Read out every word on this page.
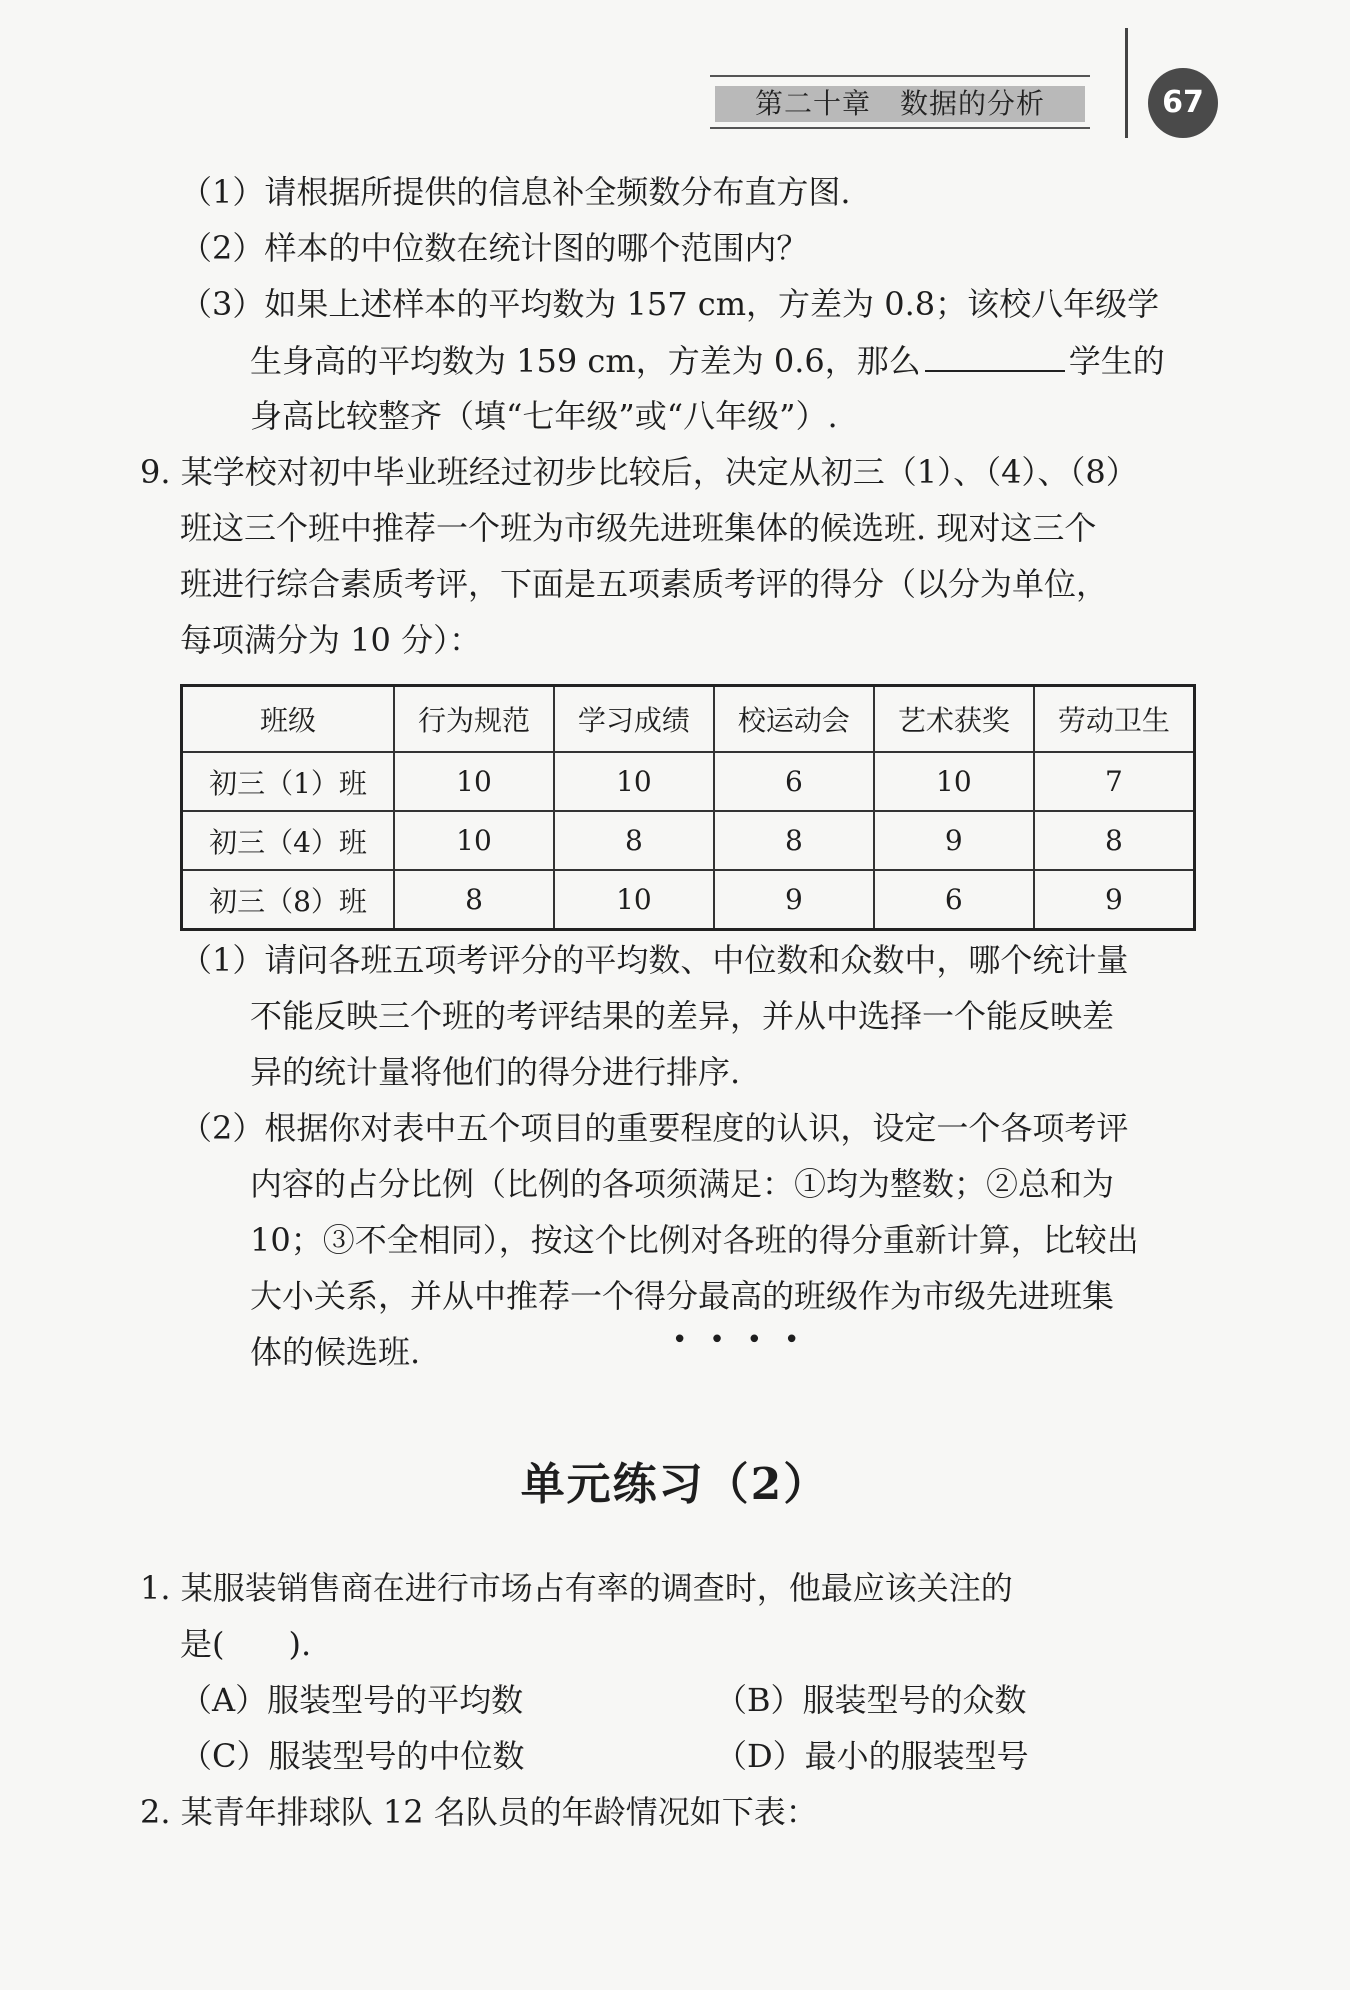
第二十章　数据的分析	67
（1）请根据所提供的信息补全频数分布直方图.
（2）样本的中位数在统计图的哪个范围内？
（3）如果上述样本的平均数为 157 cm，方差为 0.8；该校八年级学
生身高的平均数为 159 cm，方差为 0.6，那么	学生的
身高比较整齐（填“七年级”或“八年级”）.
9. 某学校对初中毕业班经过初步比较后，决定从初三（1）、（4）、（8）
班这三个班中推荐一个班为市级先进班集体的候选班. 现对这三个
班进行综合素质考评，下面是五项素质考评的得分（以分为单位，
每项满分为 10 分）：
班级	行为规范	学习成绩	校运动会	艺术获奖	劳动卫生
初三（1）班	10	10	6	10	7
初三（4）班	10	8	8	9	8
初三（8）班	8	10	9	6	9
（1）请问各班五项考评分的平均数、中位数和众数中，哪个统计量
不能反映三个班的考评结果的差异，并从中选择一个能反映差
异的统计量将他们的得分进行排序.
（2）根据你对表中五个项目的重要程度的认识，设定一个各项考评
内容的占分比例（比例的各项须满足：①均为整数；②总和为
10；③不全相同），按这个比例对各班的得分重新计算，比较出
大小关系，并从中推荐一个得分最高的班级作为市级先进班集
••••
体的候选班.
单元练习（2）
1. 某服装销售商在进行市场占有率的调查时，他最应该关注的
是(　　).
（A）服装型号的平均数	（B）服装型号的众数
（C）服装型号的中位数	（D）最小的服装型号
2. 某青年排球队 12 名队员的年龄情况如下表：
